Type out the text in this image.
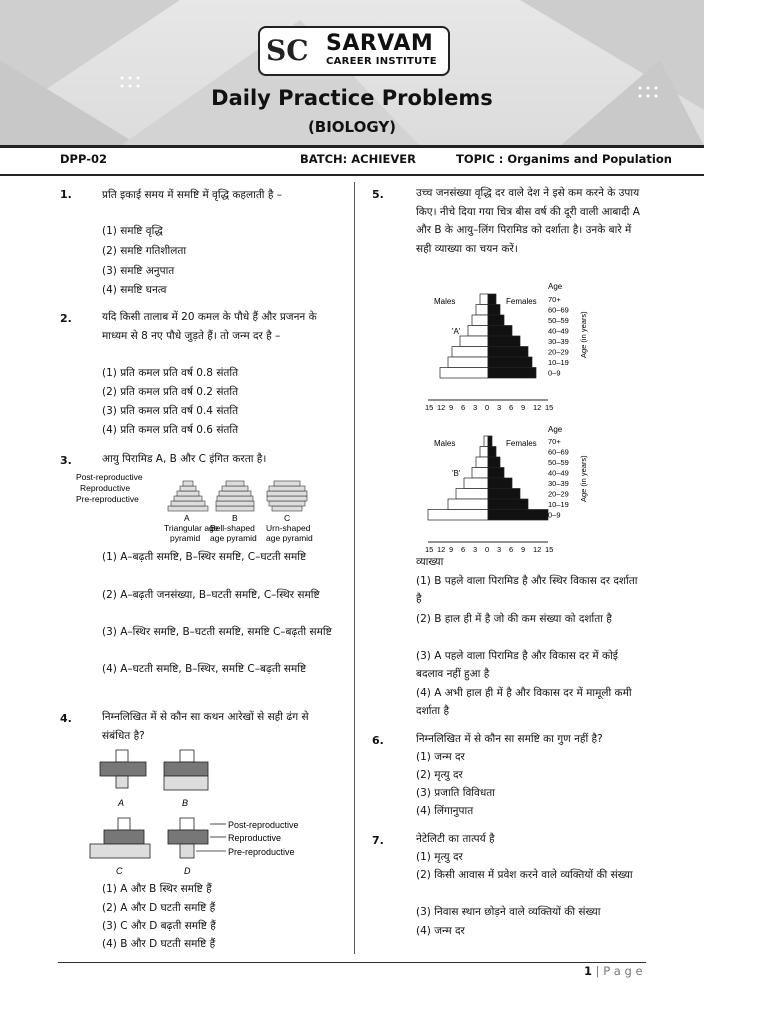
SC SARVAM
CAREER INSTITUTE
Daily Practice Problems
(BIOLOGY)
DPP-02	BATCH: ACHIEVER	TOPIC : Organims and Population
1.	प्रति इकाई समय में समष्टि में वृद्धि कहलाती है –
(1) समष्टि वृद्धि
(2) समष्टि गतिशीलता
(3) समष्टि अनुपात
(4) समष्टि घनत्व
2.	यदि किसी तालाब में 20 कमल के पौधे हैं और प्रजनन के माध्यम से 8 नए पौधे जुड़ते हैं। तो जन्म दर है –
(1) प्रति कमल प्रति वर्ष 0.8 संतति
(2) प्रति कमल प्रति वर्ष 0.2 संतति
(3) प्रति कमल प्रति वर्ष 0.4 संतति
(4) प्रति कमल प्रति वर्ष 0.6 संतति
3.	आयु पिरामिड A, B और C इंगित करता है।
Post-reproductive
Reproductive
Pre-reproductive
A
Triangular age
pyramid
B
Bell-shaped
age pyramid
C
Urn-shaped
age pyramid
(1) A–बढ़ती समष्टि, B–स्थिर समष्टि, C–घटती समष्टि
(2) A–बढ़ती जनसंख्या, B–घटती समष्टि, C–स्थिर समष्टि
(3) A–स्थिर समष्टि, B–घटती समष्टि, समष्टि C–बढ़ती समष्टि
(4) A–घटती समष्टि, B–स्थिर, समष्टि C–बढ़ती समष्टि
4.	निम्नलिखित में से कौन सा कथन आरेखों से सही ढंग से संबंधित है?
A	B
C	D
Post-reproductive
Reproductive
Pre-reproductive
(1) A और B स्थिर समष्टि हैं
(2) A और D घटती समष्टि हैं
(3) C और D बढ़ती समष्टि हैं
(4) B और D घटती समष्टि हैं
5.	उच्च जनसंख्या वृद्धि दर वाले देश ने इसे कम करने के उपाय किए। नीचे दिया गया चित्र बीस वर्ष की दूरी वाली आबादी A और B के आयु–लिंग पिरामिड को दर्शाता है। उनके बारे में सही व्याख्या का चयन करें।
Age
Males	Females
'A'	Age (in years)
15 12 9 6 3 0 3 6 9 12 15
Age
Males	Females
'B'	Age (in years)
15 12 9 6 3 0 3 6 9 12 15
70+
60–69
50–59
40–49
30–39
20–29
10–19
0–9
70+
60–69
50–59
40–49
30–39
20–29
10–19
0–9
व्याख्या
(1) B पहले वाला पिरामिड है और स्थिर विकास दर दर्शाता है
(2) B हाल ही में है जो की कम संख्या को दर्शाता है
(3) A पहले वाला पिरामिड है और विकास दर में कोई बदलाव नहीं हुआ है
(4) A अभी हाल ही में है और विकास दर में मामूली कमी दर्शाता है
6.	निम्नलिखित में से कौन सा समष्टि का गुण नहीं है?
(1) जन्म दर
(2) मृत्यु दर
(3) प्रजाति विविधता
(4) लिंगानुपात
7.	नेटेलिटी का तात्पर्य है
(1) मृत्यु दर
(2) किसी आवास में प्रवेश करने वाले व्यक्तियों की संख्या
(3) निवास स्थान छोड़ने वाले व्यक्तियों की संख्या
(4) जन्म दर
1 | P a g e
